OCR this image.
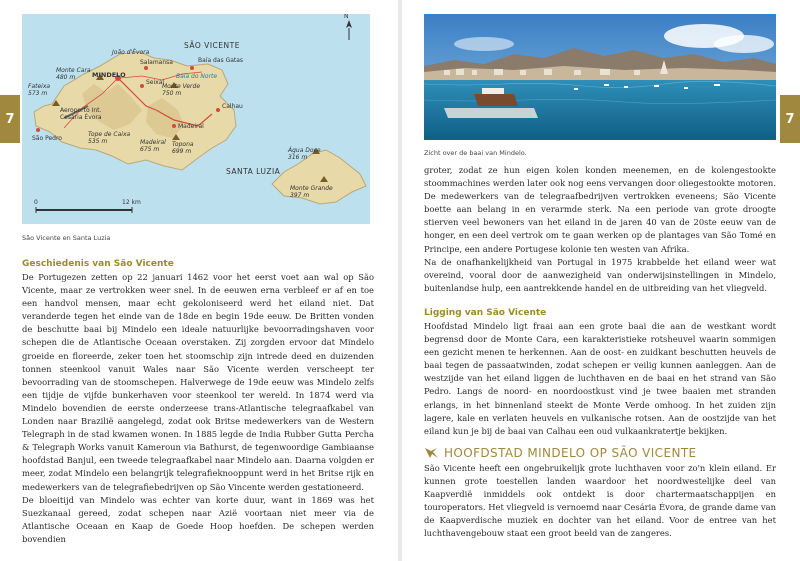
7	7
N
SÃO VICENTE
SANTA LUZIA
Baía do Norte
João d'Évora
Monte Cara
480 m	MINDELO
Salamansa	Baía das Gatas
Seixal
Monte Verde
750 m
Fateixa
573 m
Aeroporto Int.
Cesária Évora
Calhau
São Pedro
Tope de Caixa
535 m
Madeiral
Madeiral
675 m
Topona
699 m	Água Doce
316 m
Monte Grande
397 m
0	12 km
São Vicente en Santa Luzia
Zicht over de baai van Mindelo.
Geschiedenis van São Vicente

De Portugezen zetten op 22 januari 1462 voor het eerst voet aan wal op São Vicente, maar ze vertrokken weer snel. In de eeuwen erna verbleef er af en toe een handvol mensen, maar echt gekoloniseerd werd het eiland niet. Dat veranderde tegen het einde van de 18de en begin 19de eeuw. De Britten vonden de beschutte baai bij Mindelo een ideale natuurlijke bevoorradingshaven voor schepen die de Atlantische Oceaan overstaken. Zij zorgden ervoor dat Mindelo groeide en floreerde, zeker toen het stoomschip zijn intrede deed en duizenden tonnen steenkool vanuit Wales naar São Vicente werden verscheept ter bevoorrading van de stoomschepen. Halverwege de 19de eeuw was Mindelo zelfs een tijdje de vijfde bunkerhaven voor steenkool ter wereld. In 1874 werd via Mindelo bovendien de eerste onderzeese trans-Atlantische telegraafkabel van Londen naar Brazilië aangelegd, zodat ook Britse medewerkers van de Western Telegraph in de stad kwamen wonen. In 1885 legde de India Rubber Gutta Percha & Telegraph Works vanuit Kameroun via Bathurst, de tegenwoordige Gambiaanse hoofdstad Banjul, een tweede telegraafkabel naar Mindelo aan. Daarna volgden er meer, zodat Mindelo een belangrijk telegrafieknooppunt werd in het Britse rijk en medewerkers van de telegrafiebedrijven op São Vincente werden gestationeerd.

De bloeitijd van Mindelo was echter van korte duur, want in 1869 was het Suezkanaal gereed, zodat schepen naar Azië voortaan niet meer via de Atlantische Oceaan en Kaap de Goede Hoop hoefden. De schepen werden bovendien

groter, zodat ze hun eigen kolen konden meenemen, en de kolengestookte stoommachines werden later ook nog eens vervangen door oliegestookte motoren. De medewerkers van de telegraafbedrijven vertrokken eveneens; São Vicente boette aan belang in en verarmde sterk. Na een periode van grote droogte stierven veel bewoners van het eiland in de jaren 40 van de 20ste eeuw van de honger, en een deel vertrok om te gaan werken op de plantages van São Tomé en Principe, een andere Portugese kolonie ten westen van Afrika.

Na de onafhankelijkheid van Portugal in 1975 krabbelde het eiland weer wat overeind, vooral door de aanwezigheid van onderwijsinstellingen in Mindelo, buitenlandse hulp, een aantrekkende handel en de uitbreiding van het vliegveld.

Ligging van São Vicente

Hoofdstad Mindelo ligt fraai aan een grote baai die aan de westkant wordt begrensd door de Monte Cara, een karakteristieke rotsheuvel waarin sommigen een gezicht menen te herkennen. Aan de oost- en zuidkant beschutten heuvels de baai tegen de passaatwinden, zodat schepen er veilig kunnen aanleggen. Aan de westzijde van het eiland liggen de luchthaven en de baai en het strand van São Pedro. Langs de noord- en noordoostkust vind je twee baaien met stranden erlangs, in het binnenland steekt de Monte Verde omhoog. In het zuiden zijn lagere, kale en verlaten heuvels en vulkanische rotsen. Aan de oostzijde van het eiland kun je bij de baai van Calhau een oud vulkaankratertje bekijken.

HOOFDSTAD MINDELO OP SÃO VICENTE

São Vicente heeft een ongebruikelijk grote luchthaven voor zo'n klein eiland. Er kunnen grote toestellen landen waardoor het noordwestelijke deel van Kaapverdië inmiddels ook ontdekt is door chartermaatschappijen en touroperators. Het vliegveld is vernoemd naar Cesária Évora, de grande dame van de Kaapverdische muziek en dochter van het eiland. Voor de entree van het luchthavengebouw staat een groot beeld van de zangeres.
